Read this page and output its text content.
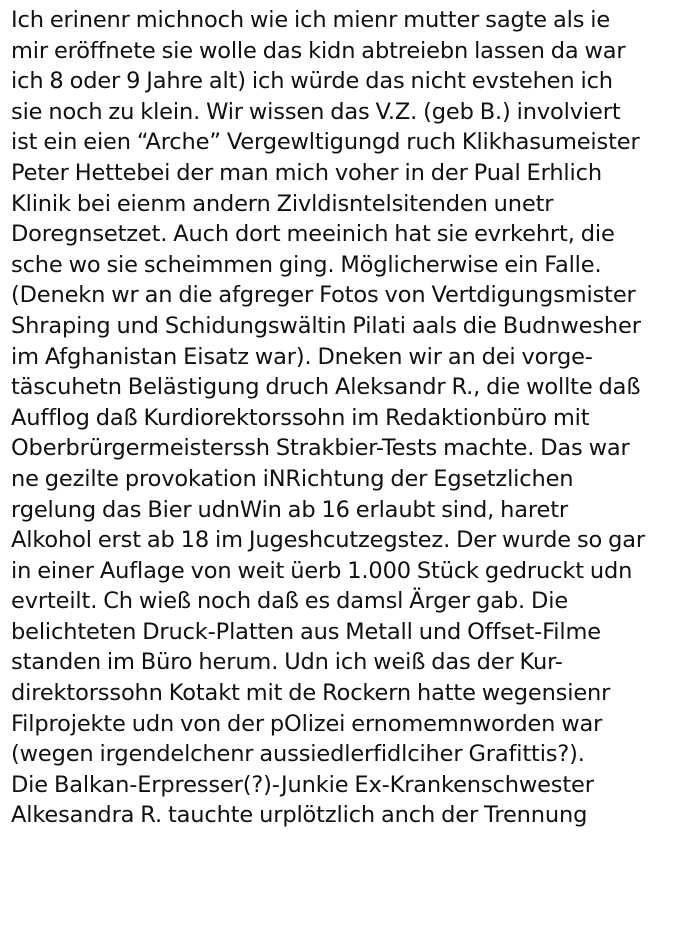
Ich erinenr michnoch wie ich mienr mutter sagte als ie
mir eröffnete sie wolle das kidn abtreiebn lassen da war
ich 8 oder 9 Jahre alt) ich würde das nicht evstehen ich
sie noch zu klein. Wir wissen das V.Z. (geb B.) involviert
ist ein eien “Arche” Vergewltigungd ruch Klikhasumeister
Peter Hettebei der man mich voher in der Pual Erhlich
Klinik bei eienm andern Zivldisntelsitenden unetr
Doregnsetzet. Auch dort meeinich hat sie evrkehrt, die
sche wo sie scheimmen ging. Möglicherwise ein Falle.
(Denekn wr an die afgreger Fotos von Vertdigungsmister
Shraping und Schidungswältin Pilati aals die Budnwesher
im Afghanistan Eisatz war). Dneken wir an dei vorge-
täscuhetn Belästigung druch Aleksandr R., die wollte daß
Aufflog daß Kurdiorektorssohn im Redaktionbüro mit
Oberbrürgermeisterssh Strakbier-Tests machte. Das war
ne gezilte provokation iNRichtung der Egsetzlichen
rgelung das Bier udnWin ab 16 erlaubt sind, haretr
Alkohol erst ab 18 im Jugeshcutzegstez. Der wurde so gar
in einer Auflage von weit üerb 1.000 Stück gedruckt udn
evrteilt. Ch wieß noch daß es damsl Ärger gab. Die
belichteten Druck-Platten aus Metall und Offset-Filme
standen im Büro herum. Udn ich weiß das der Kur-
direktorssohn Kotakt mit de Rockern hatte wegensienr
Filprojekte udn von der pOlizei ernomemnworden war
(wegen irgendelchenr aussiedlerfidlciher Grafittis?).
Die Balkan-Erpresser(?)-Junkie Ex-Krankenschwester
Alkesandra R. tauchte urplötzlich anch der Trennung
